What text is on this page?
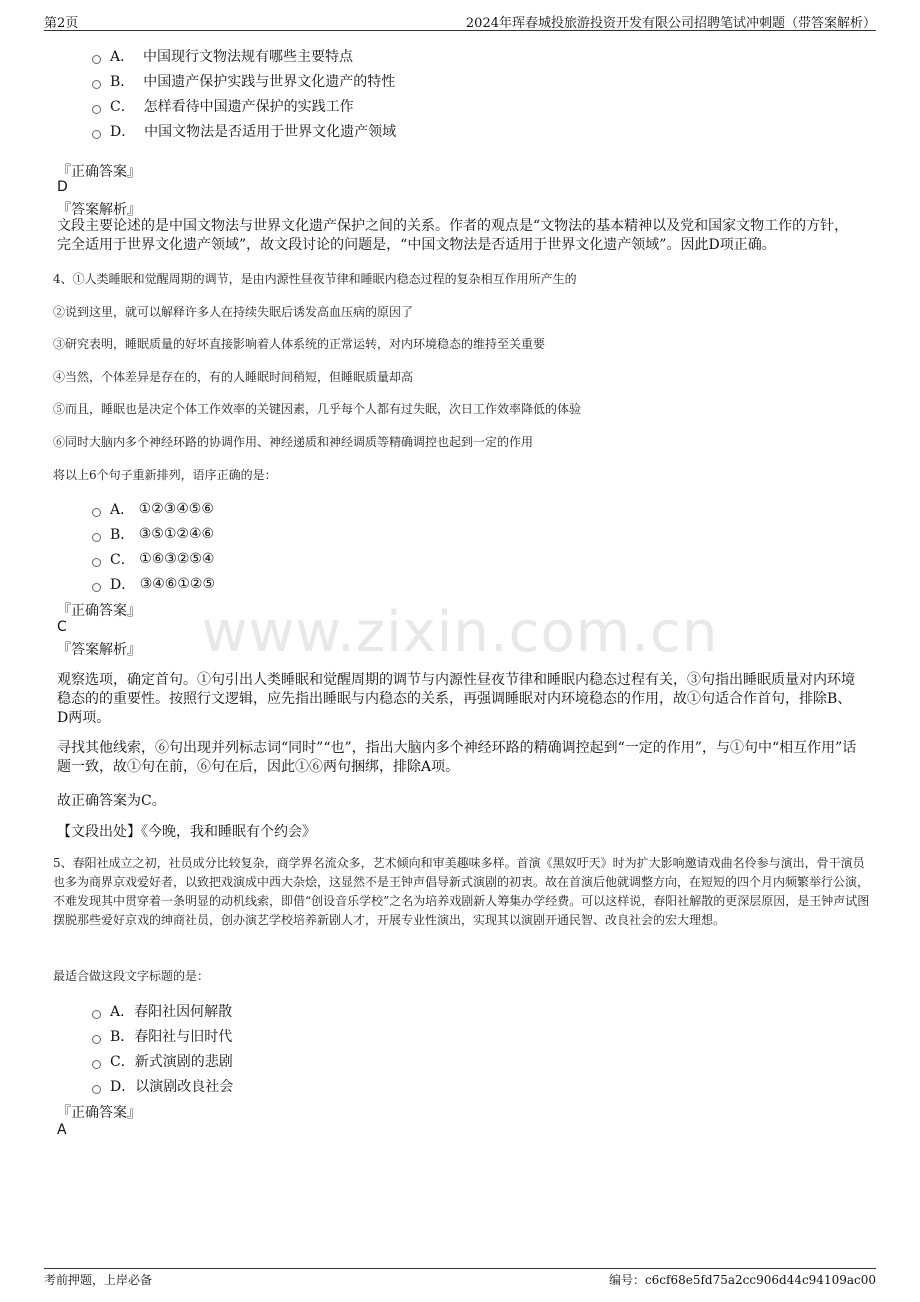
第2页	2024年珲春城投旅游投资开发有限公司招聘笔试冲刺题（带答案解析）
www.zixin.com.cn
A．
中国现行文物法规有哪些主要特点
B．
中国遗产保护实践与世界文化遗产的特性
C．
怎样看待中国遗产保护的实践工作
D．
中国文物法是否适用于世界文化遗产领域
『正确答案』
D
『答案解析』
文段主要论述的是中国文物法与世界文化遗产保护之间的关系。作者的观点是“文物法的基本精神以及党和国家文物工作的方针，完全适用于世界文化遗产领域”，故文段讨论的问题是，“中国文物法是否适用于世界文化遗产领域”。因此D项正确。
4、①人类睡眠和觉醒周期的调节，是由内源性昼夜节律和睡眠内稳态过程的复杂相互作用所产生的
②说到这里，就可以解释许多人在持续失眠后诱发高血压病的原因了
③研究表明，睡眠质量的好坏直接影响着人体系统的正常运转，对内环境稳态的维持至关重要
④当然，个体差异是存在的，有的人睡眠时间稍短，但睡眠质量却高
⑤而且，睡眠也是决定个体工作效率的关键因素，几乎每个人都有过失眠，次日工作效率降低的体验
⑥同时大脑内多个神经环路的协调作用、神经递质和神经调质等精确调控也起到一定的作用
将以上6个句子重新排列，语序正确的是：
A．
①②③④⑤⑥
B．
③⑤①②④⑥
C．
①⑥③②⑤④
D．
③④⑥①②⑤
『正确答案』
C
『答案解析』
观察选项，确定首句。①句引出人类睡眠和觉醒周期的调节与内源性昼夜节律和睡眠内稳态过程有关，③句指出睡眠质量对内环境稳态的的重要性。按照行文逻辑，应先指出睡眠与内稳态的关系，再强调睡眠对内环境稳态的作用，故①句适合作首句，排除B、D两项。
寻找其他线索，⑥句出现并列标志词“同时”“也”，指出大脑内多个神经环路的精确调控起到“一定的作用”，与①句中“相互作用”话题一致，故①句在前，⑥句在后，因此①⑥两句捆绑，排除A项。
故正确答案为C。
【文段出处】《今晚，我和睡眠有个约会》
5、春阳社成立之初，社员成分比较复杂，商学界名流众多，艺术倾向和审美趣味多样。首演《黑奴吁天》时为扩大影响邀请戏曲名伶参与演出，骨干演员也多为商界京戏爱好者，以致把戏演成中西大杂烩，这显然不是王钟声倡导新式演剧的初衷。故在首演后他就调整方向，在短短的四个月内频繁举行公演，不难发现其中贯穿着一条明显的动机线索，即借“创设音乐学校”之名为培养戏剧新人筹集办学经费。可以这样说，春阳社解散的更深层原因，是王钟声试图摆脱那些爱好京戏的绅商社员，创办演艺学校培养新剧人才，开展专业性演出，实现其以演剧开通民智、改良社会的宏大理想。
最适合做这段文字标题的是：
A． 春阳社因何解散
B． 春阳社与旧时代
C． 新式演剧的悲剧
D． 以演剧改良社会
『正确答案』
A
考前押题，上岸必备	编号：c6cf68e5fd75a2cc906d44c94109ac00
